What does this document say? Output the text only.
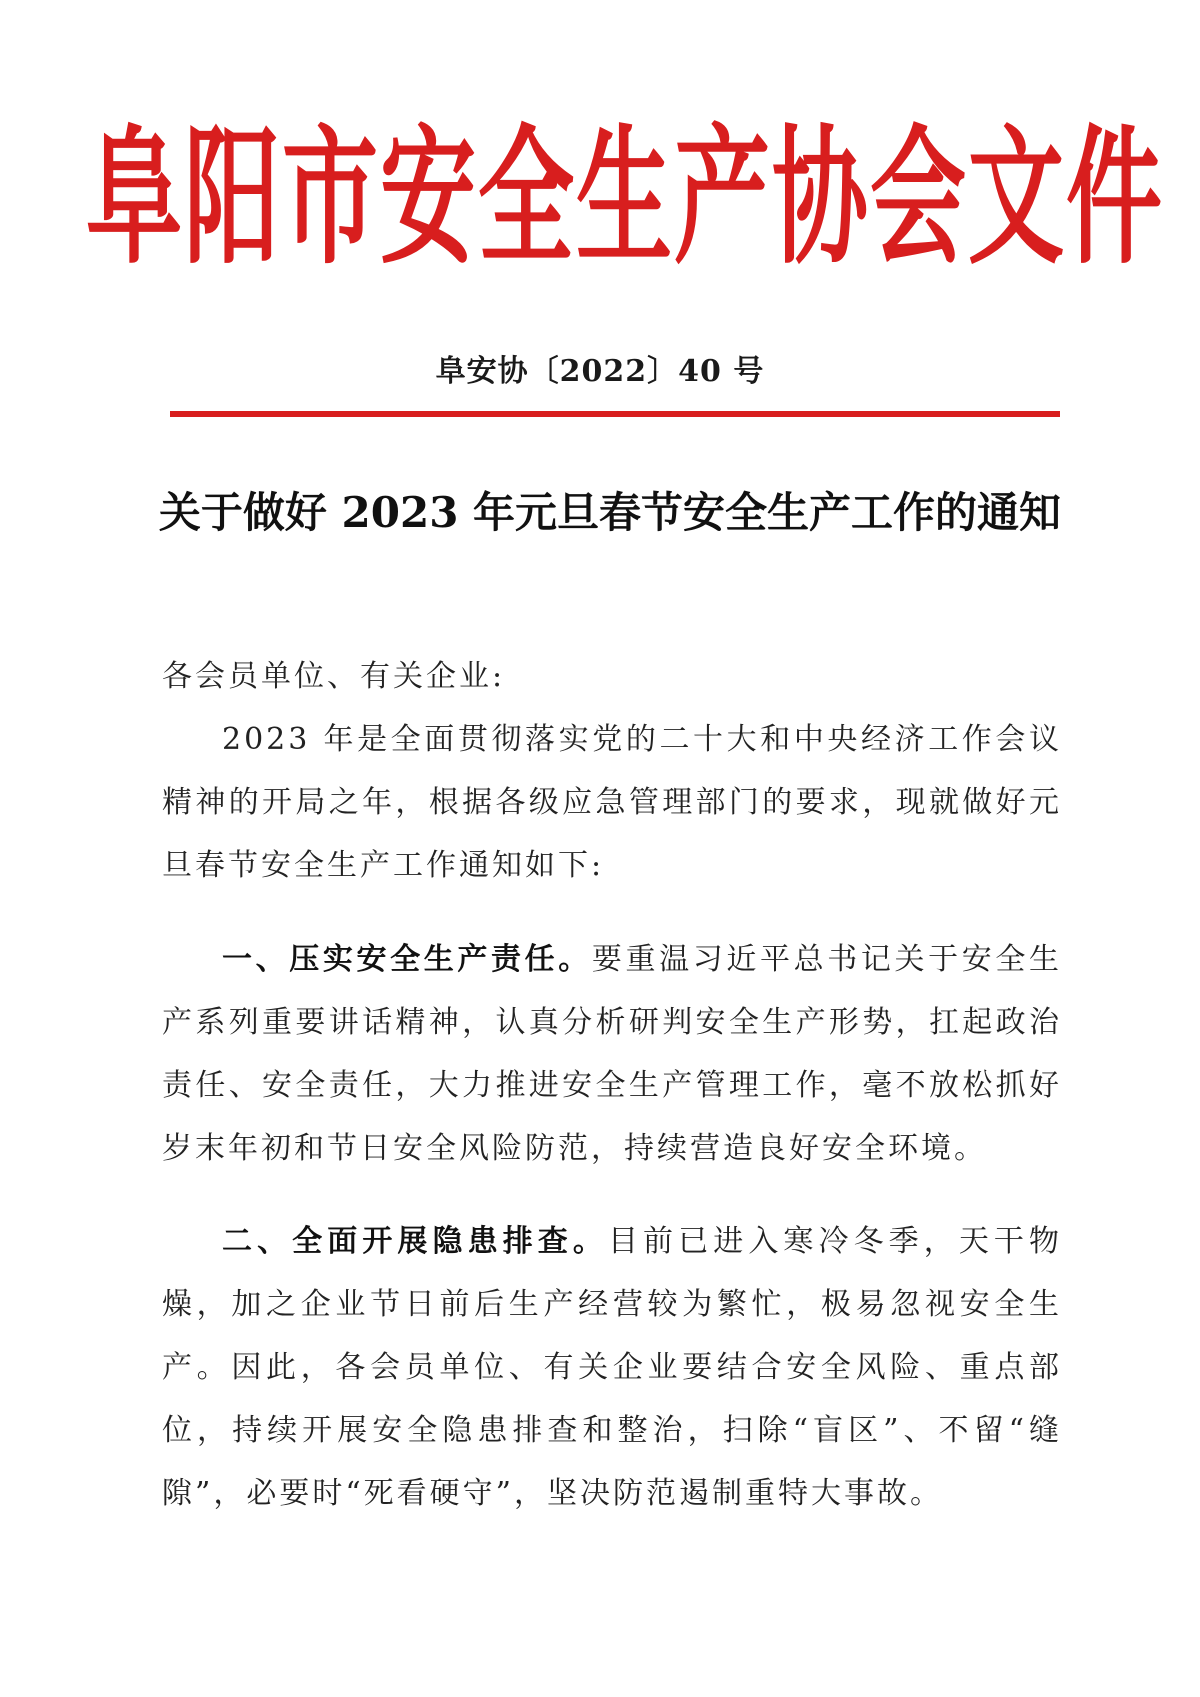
阜阳市安全生产协会文件
阜安协〔2022〕40 号
关于做好 2023 年元旦春节安全生产工作的通知

各会员单位、有关企业:

2023 年是全面贯彻落实党的二十大和中央经济工作会议精神的开局之年，根据各级应急管理部门的要求，现就做好元旦春节安全生产工作通知如下:

一、压实安全生产责任。要重温习近平总书记关于安全生产系列重要讲话精神，认真分析研判安全生产形势，扛起政治责任、安全责任，大力推进安全生产管理工作，毫不放松抓好岁末年初和节日安全风险防范，持续营造良好安全环境。

二、全面开展隐患排查。目前已进入寒冷冬季，天干物燥，加之企业节日前后生产经营较为繁忙，极易忽视安全生产。因此，各会员单位、有关企业要结合安全风险、重点部位，持续开展安全隐患排查和整治，扫除“盲区”、不留“缝隙”，必要时“死看硬守”，坚决防范遏制重特大事故。
